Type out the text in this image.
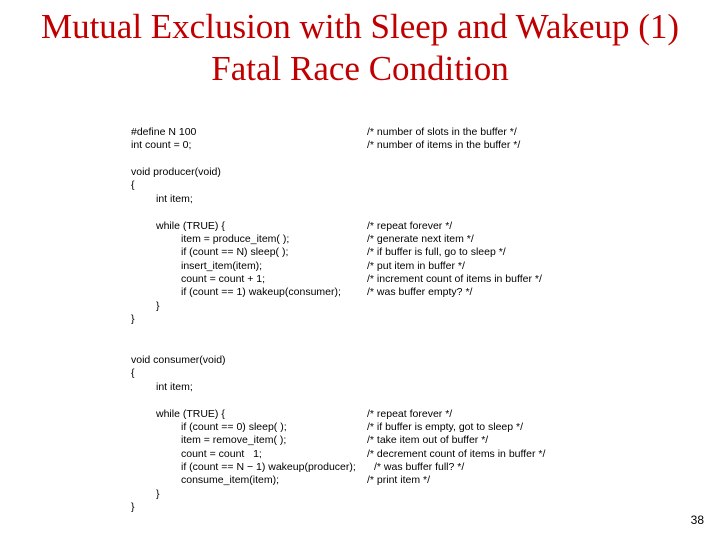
Mutual Exclusion with Sleep and Wakeup (1)
Fatal Race Condition
#define N 100	/* number of slots in the buffer */
int count = 0;	/* number of items in the buffer */
void producer(void)
{
int item;
while (TRUE) {	/* repeat forever */
item = produce_item( );	/* generate next item */
if (count == N) sleep( );	/* if buffer is full, go to sleep */
insert_item(item);	/* put item in buffer */
count = count + 1;	/* increment count of items in buffer */
if (count == 1) wakeup(consumer); /* was buffer empty? */
}
}
void consumer(void)
{
int item;
while (TRUE) {	/* repeat forever */
if (count == 0) sleep( );	/* if buffer is empty, got to sleep */
item = remove_item( );	/* take item out of buffer */
count = count   1;	/* decrement count of items in buffer */
if (count == N − 1) wakeup(producer); /* was buffer full? */
consume_item(item);	/* print item */
}
}
38
